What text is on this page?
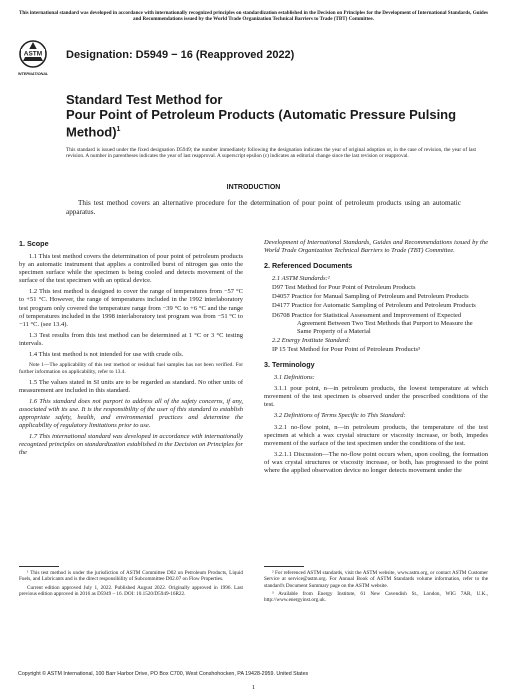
This international standard was developed in accordance with internationally recognized principles on standardization established in the Decision on Principles for the Development of International Standards, Guides and Recommendations issued by the World Trade Organization Technical Barriers to Trade (TBT) Committee.
ASTM
INTERNATIONAL
Designation: D5949 − 16 (Reapproved 2022)
Standard Test Method for
Pour Point of Petroleum Products (Automatic Pressure Pulsing Method)$^1$
This standard is issued under the fixed designation D5949; the number immediately following the designation indicates the year of original adoption or, in the case of revision, the year of last revision. A number in parentheses indicates the year of last reapproval. A superscript epsilon (ε) indicates an editorial change since the last revision or reapproval.
INTRODUCTION
This test method covers an alternative procedure for the determination of pour point of petroleum products using an automatic apparatus.
1. Scope

1.1 This test method covers the determination of pour point of petroleum products by an automatic instrument that applies a controlled burst of nitrogen gas onto the specimen surface while the specimen is being cooled and detects movement of the surface of the test specimen with an optical device.

1.2 This test method is designed to cover the range of temperatures from −57 °C to +51 °C. However, the range of temperatures included in the 1992 interlaboratory test program only covered the temperature range from −39 °C to +6 °C and the range of temperatures included in the 1998 interlaboratory test program was from −51 °C to −11 °C. (see 13.4).

1.3 Test results from this test method can be determined at 1 °C or 3 °C testing intervals.

1.4 This test method is not intended for use with crude oils.

Note 1—The applicability of this test method or residual fuel samples has not been verified. For further information on applicability, refer to 13.4.

1.5 The values stated in SI units are to be regarded as standard. No other units of measurement are included in this standard.

1.6 This standard does not purport to address all of the safety concerns, if any, associated with its use. It is the responsibility of the user of this standard to establish appropriate safety, health, and environmental practices and determine the applicability of regulatory limitations prior to use.

1.7 This international standard was developed in accordance with internationally recognized principles on standardization established in the Decision on Principles for the

Development of International Standards, Guides and Recommendations issued by the World Trade Organization Technical Barriers to Trade (TBT) Committee.

2. Referenced Documents
2.1 ASTM Standards:²
D97 Test Method for Pour Point of Petroleum Products
D4057 Practice for Manual Sampling of Petroleum and Petroleum Products
D4177 Practice for Automatic Sampling of Petroleum and Petroleum Products
D6708 Practice for Statistical Assessment and Improvement of Expected Agreement Between Two Test Methods that Purport to Measure the Same Property of a Material
2.2 Energy Institute Standard:
IP 15 Test Method for Pour Point of Petroleum Products³
3. Terminology

3.1 Definitions:

3.1.1 pour point, n—in petroleum products, the lowest temperature at which movement of the test specimen is observed under the prescribed conditions of the test.

3.2 Definitions of Terms Specific to This Standard:

3.2.1 no-flow point, n—in petroleum products, the temperature of the test specimen at which a wax crystal structure or viscosity increase, or both, impedes movement of the surface of the test specimen under the conditions of the test.

3.2.1.1 Discussion—The no-flow point occurs when, upon cooling, the formation of wax crystal structures or viscosity increase, or both, has progressed to the point where the applied observation device no longer detects movement under the

¹ This test method is under the jurisdiction of ASTM Committee D02 on Petroleum Products, Liquid Fuels, and Lubricants and is the direct responsibility of Subcommittee D02.07 on Flow Properties.

Current edition approved July 1, 2022. Published August 2022. Originally approved in 1996. Last previous edition approved in 2016 as D5949 – 16. DOI: 10.1520/D5949-16R22.

² For referenced ASTM standards, visit the ASTM website, www.astm.org, or contact ASTM Customer Service at service@astm.org. For Annual Book of ASTM Standards volume information, refer to the standard's Document Summary page on the ASTM website.

³ Available from Energy Institute, 61 New Cavendish St., London, WIG 7AR, U.K., http://www.energyinst.org.uk.

Copyright © ASTM International, 100 Barr Harbor Drive, PO Box C700, West Conshohocken, PA 19428-2959. United States
1
